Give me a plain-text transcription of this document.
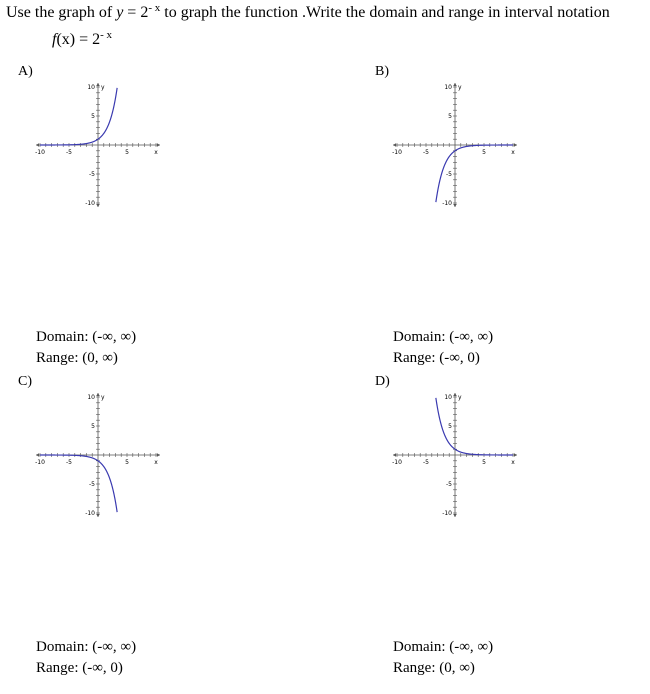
Use the graph of $y = 2^{- x}$ to graph the function .Write the domain and range in interval notation
$f(x) = 2^{- x}$
A)
-10	-5	5	x
10 y
5
-5
-10
Domain: (-∞, ∞)
Range: (0, ∞)
B)
-10	-5	5	x
10 y
5
-5
-10
Domain: (-∞, ∞)
Range: (-∞, 0)
C)
-10	-5	5	x
10 y
5
-5
-10
Domain: (-∞, ∞)
Range: (-∞, 0)
D)
-10	-5	5	x
10 y
5
-5
-10
Domain: (-∞, ∞)
Range: (0, ∞)
